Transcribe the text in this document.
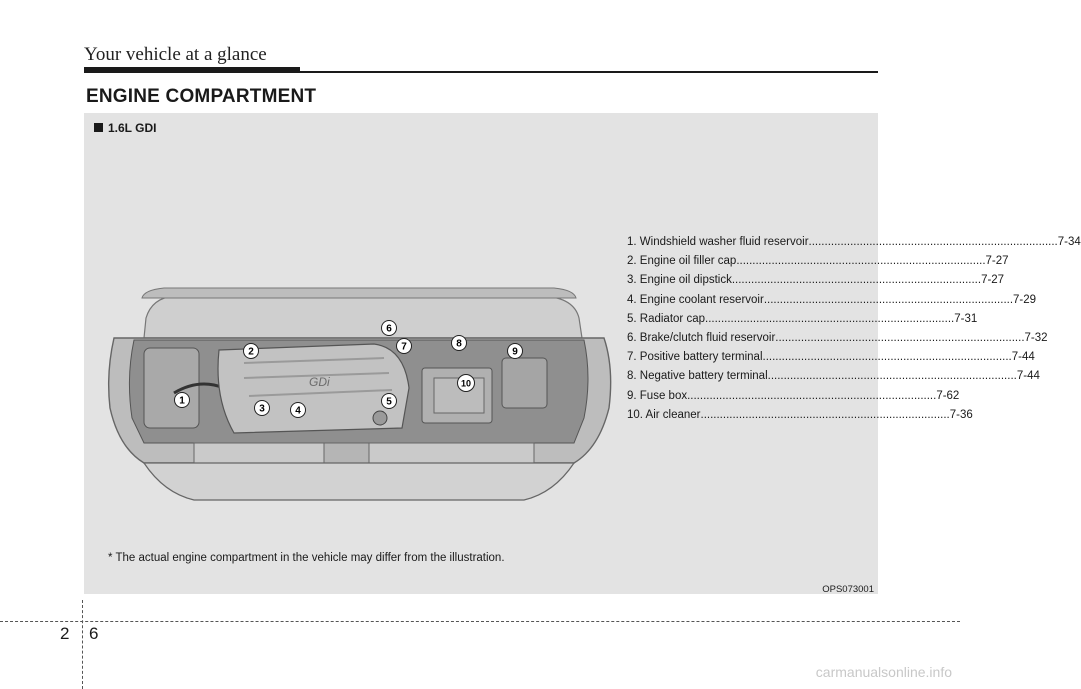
Your vehicle at a glance
ENGINE COMPARTMENT
1.6L GDI
GDi
1
2
3	4
5
6
7	8
9
10
1. Windshield washer fluid reservoir .............................................................................. 7-34
2. Engine oil filler cap .............................................................................. 7-27
3. Engine oil dipstick .............................................................................. 7-27
4. Engine coolant reservoir .............................................................................. 7-29
5. Radiator cap .............................................................................. 7-31
6. Brake/clutch fluid reservoir .............................................................................. 7-32
7. Positive battery terminal .............................................................................. 7-44
8. Negative battery terminal .............................................................................. 7-44
9. Fuse box .............................................................................. 7-62
10. Air cleaner .............................................................................. 7-36
* The actual engine compartment in the vehicle may differ from the illustration.
OPS073001
2 6
carmanualsonline.info
